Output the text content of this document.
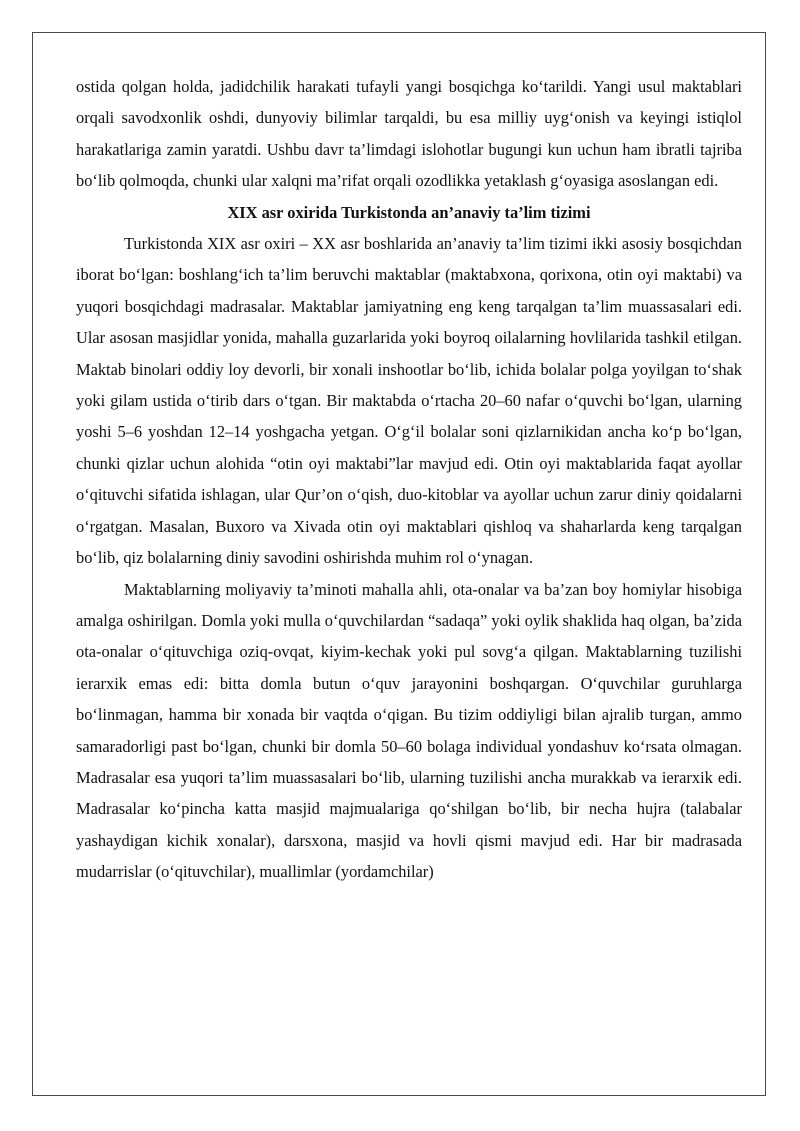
ostida qolgan holda, jadidchilik harakati tufayli yangi bosqichga ko‘tarildi. Yangi usul maktablari orqali savodxonlik oshdi, dunyoviy bilimlar tarqaldi, bu esa milliy uyg‘onish va keyingi istiqlol harakatlariga zamin yaratdi. Ushbu davr ta’limdagi islohotlar bugungi kun uchun ham ibratli tajriba bo‘lib qolmoqda, chunki ular xalqni ma’rifat orqali ozodlikka yetaklash g‘oyasiga asoslangan edi.

XIX asr oxirida Turkistonda an’anaviy ta’lim tizimi

Turkistonda XIX asr oxiri – XX asr boshlarida an’anaviy ta’lim tizimi ikki asosiy bosqichdan iborat bo‘lgan: boshlang‘ich ta’lim beruvchi maktablar (maktabxona, qorixona, otin oyi maktabi) va yuqori bosqichdagi madrasalar. Maktablar jamiyatning eng keng tarqalgan ta’lim muassasalari edi. Ular asosan masjidlar yonida, mahalla guzarlarida yoki boyroq oilalarning hovlilarida tashkil etilgan. Maktab binolari oddiy loy devorli, bir xonali inshootlar bo‘lib, ichida bolalar polga yoyilgan to‘shak yoki gilam ustida o‘tirib dars o‘tgan. Bir maktabda o‘rtacha 20–60 nafar o‘quvchi bo‘lgan, ularning yoshi 5–6 yoshdan 12–14 yoshgacha yetgan. O‘g‘il bolalar soni qizlarnikidan ancha ko‘p bo‘lgan, chunki qizlar uchun alohida “otin oyi maktabi”lar mavjud edi. Otin oyi maktablarida faqat ayollar o‘qituvchi sifatida ishlagan, ular Qur’on o‘qish, duo-kitoblar va ayollar uchun zarur diniy qoidalarni o‘rgatgan. Masalan, Buxoro va Xivada otin oyi maktablari qishloq va shaharlarda keng tarqalgan bo‘lib, qiz bolalarning diniy savodini oshirishda muhim rol o‘ynagan.

Maktablarning moliyaviy ta’minoti mahalla ahli, ota-onalar va ba’zan boy homiylar hisobiga amalga oshirilgan. Domla yoki mulla o‘quvchilardan “sadaqa” yoki oylik shaklida haq olgan, ba’zida ota-onalar o‘qituvchiga oziq-ovqat, kiyim-kechak yoki pul sovg‘a qilgan. Maktablarning tuzilishi ierarxik emas edi: bitta domla butun o‘quv jarayonini boshqargan. O‘quvchilar guruhlarga bo‘linmagan, hamma bir xonada bir vaqtda o‘qigan. Bu tizim oddiyligi bilan ajralib turgan, ammo samaradorligi past bo‘lgan, chunki bir domla 50–60 bolaga individual yondashuv ko‘rsata olmagan. Madrasalar esa yuqori ta’lim muassasalari bo‘lib, ularning tuzilishi ancha murakkab va ierarxik edi. Madrasalar ko‘pincha katta masjid majmualariga qo‘shilgan bo‘lib, bir necha hujra (talabalar yashaydigan kichik xonalar), darsxona, masjid va hovli qismi mavjud edi. Har bir madrasada mudarrislar (o‘qituvchilar), muallimlar (yordamchilar)
